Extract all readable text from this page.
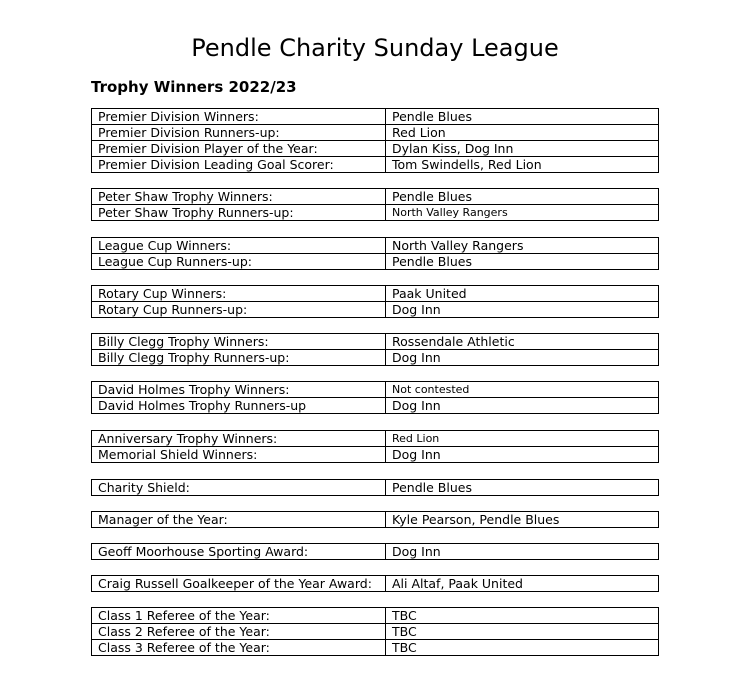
Pendle Charity Sunday League
Trophy Winners 2022/23
Premier Division Winners:	Pendle Blues
Premier Division Runners-up:	Red Lion
Premier Division Player of the Year:	Dylan Kiss, Dog Inn
Premier Division Leading Goal Scorer:	Tom Swindells, Red Lion
Peter Shaw Trophy Winners:	Pendle Blues
Peter Shaw Trophy Runners-up:	North Valley Rangers
League Cup Winners:	North Valley Rangers
League Cup Runners-up:	Pendle Blues
Rotary Cup Winners:	Paak United
Rotary Cup Runners-up:	Dog Inn
Billy Clegg Trophy Winners:	Rossendale Athletic
Billy Clegg Trophy Runners-up:	Dog Inn
David Holmes Trophy Winners:	Not contested
David Holmes Trophy Runners-up	Dog Inn
Anniversary Trophy Winners:	Red Lion
Memorial Shield Winners:	Dog Inn
Charity Shield:	Pendle Blues
Manager of the Year:	Kyle Pearson, Pendle Blues
Geoff Moorhouse Sporting Award:	Dog Inn
Craig Russell Goalkeeper of the Year Award:	Ali Altaf, Paak United
Class 1 Referee of the Year:	TBC
Class 2 Referee of the Year:	TBC
Class 3 Referee of the Year:	TBC
